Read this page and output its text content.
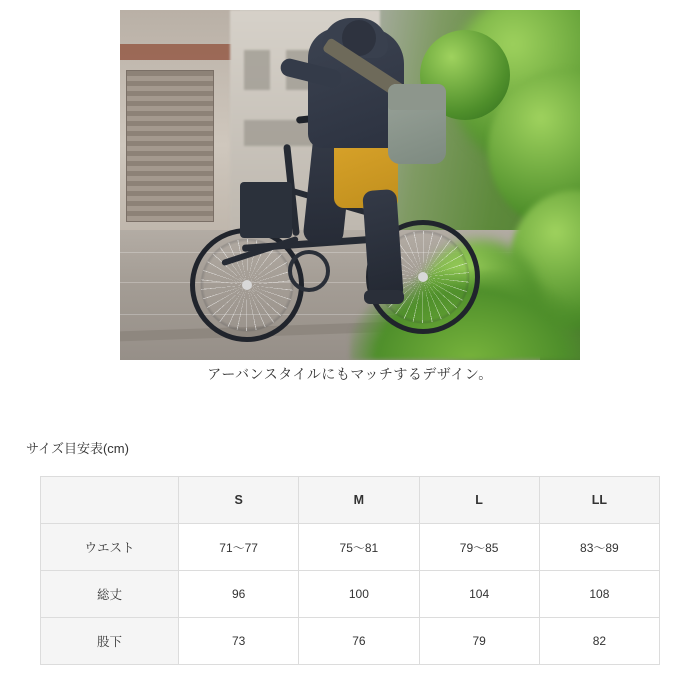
アーバンスタイルにもマッチするデザイン。
サイズ目安表(cm)
	S	M	L	LL
ウエスト	71〜77	75〜81	79〜85	83〜89
総丈	96	100	104	108
股下	73	76	79	82
